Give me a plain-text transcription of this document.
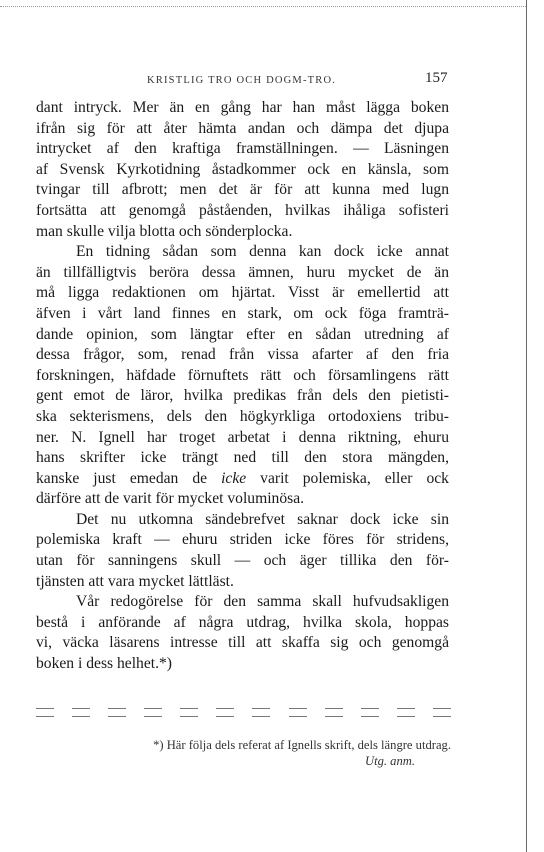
KRISTLIG TRO OCH DOGM-TRO.	157

dant intryck. Mer än en gång har han måst lägga boken
ifrån sig för att åter hämta andan och dämpa det djupa
intrycket af den kraftiga framställningen. — Läsningen
af Svensk Kyrkotidning åstadkommer ock en känsla, som
tvingar till afbrott; men det är för att kunna med lugn
fortsätta att genomgå påståenden, hvilkas ihåliga sofisteri
man skulle vilja blotta och sönderplocka.

En tidning sådan som denna kan dock icke annat
än tillfälligtvis beröra dessa ämnen, huru mycket de än
må ligga redaktionen om hjärtat. Visst är emellertid att
äfven i vårt land finnes en stark, om ock föga framträ-
dande opinion, som längtar efter en sådan utredning af
dessa frågor, som, renad från vissa afarter af den fria
forskningen, häfdade förnuftets rätt och församlingens rätt
gent emot de läror, hvilka predikas från dels den pietisti-
ska sekterismens, dels den högkyrkliga ortodoxiens tribu-
ner. N. Ignell har troget arbetat i denna riktning, ehuru
hans skrifter icke trängt ned till den stora mängden,
kanske just emedan de icke varit polemiska, eller ock
därföre att de varit för mycket voluminösa.

Det nu utkomna sändebrefvet saknar dock icke sin
polemiska kraft — ehuru striden icke föres för stridens,
utan för sanningens skull — och äger tillika den för-
tjänsten att vara mycket lättläst.

Vår redogörelse för den samma skall hufvudsakligen
bestå i anförande af några utdrag, hvilka skola, hoppas
vi, väcka läsarens intresse till att skaffa sig och genomgå
boken i dess helhet.*)

*) Här följa dels referat af Ignells skrift, dels längre utdrag.
Utg. anm.
